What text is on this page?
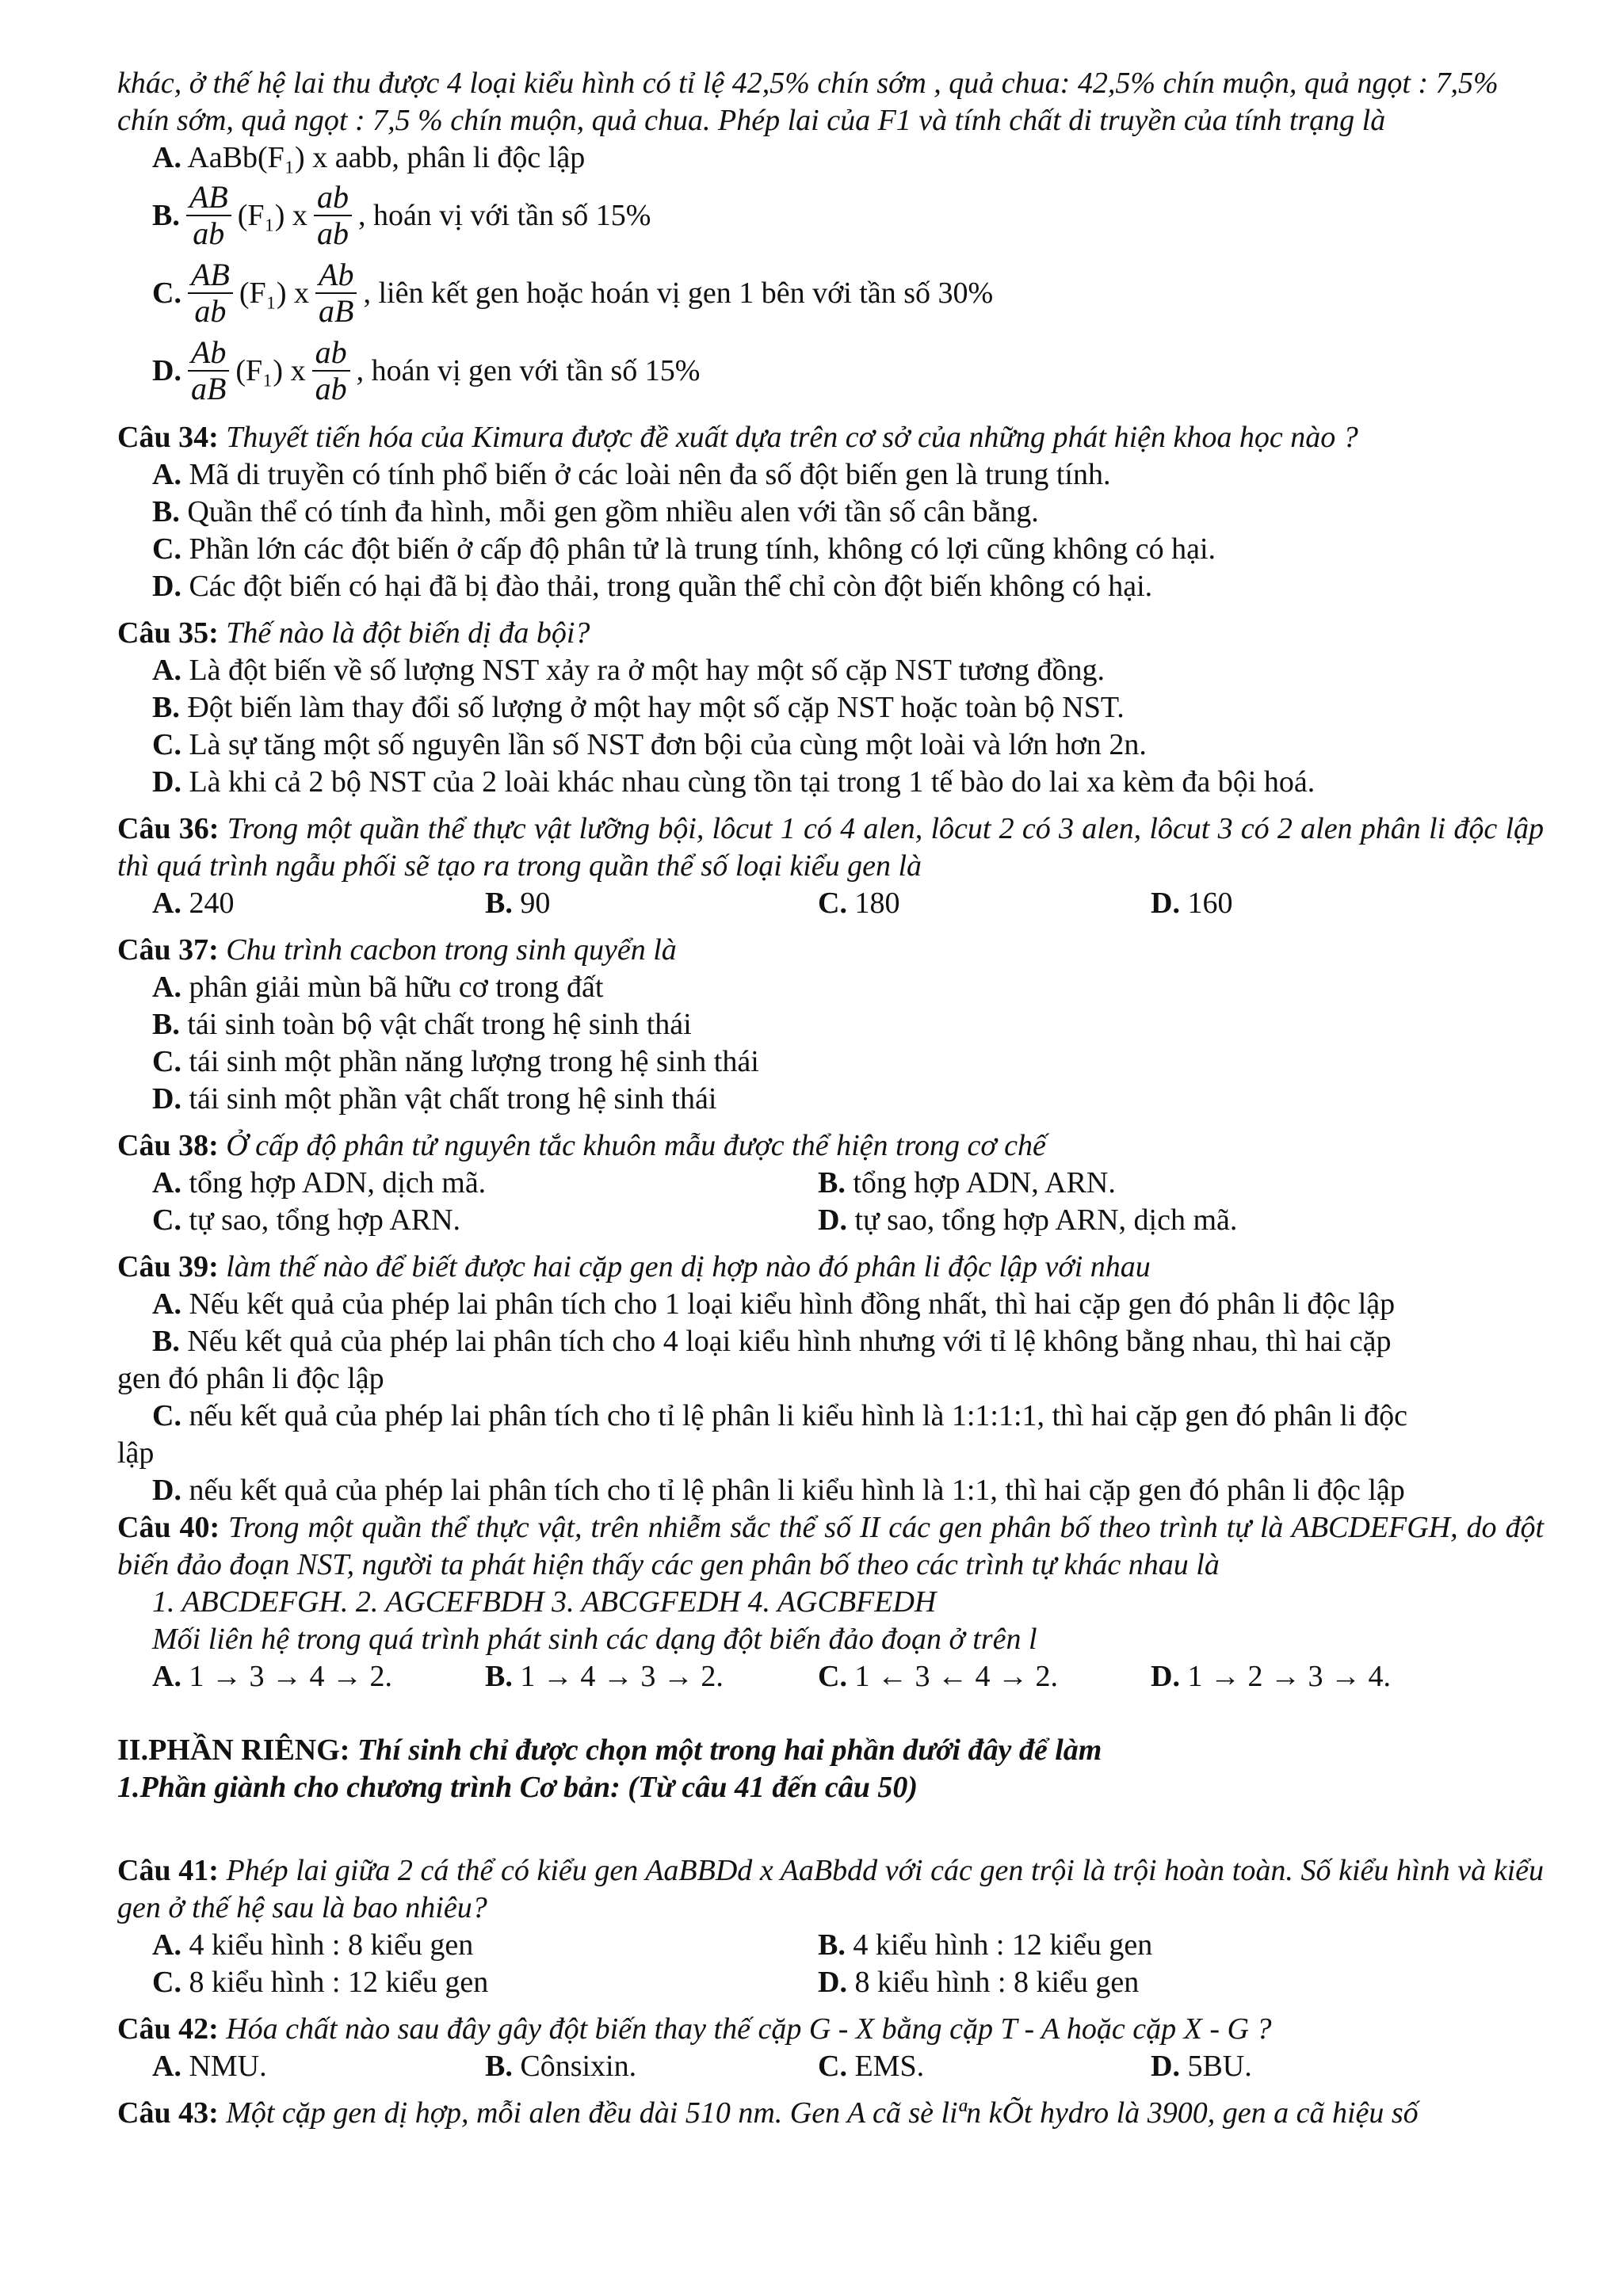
khác, ở thế hệ lai thu được 4 loại kiểu hình có tỉ lệ 42,5% chín sớm , quả chua: 42,5% chín muộn, quả ngọt : 7,5% chín sớm, quả ngọt : 7,5 % chín muộn, quả chua. Phép lai của F1 và tính chất di truyền của tính trạng là

A. AaBb(F₁) x aabb, phân li độc lập
B. $\frac{AB}{ab} (F_1)$ x $\frac{ab}{ab}$ , hoán vị với tần số 15%
C. $\frac{AB}{ab} (F_1)$ x $\frac{Ab}{aB}$ , liên kết gen hoặc hoán vị gen 1 bên với tần số 30%
D. $\frac{Ab}{aB} (F_1)$ x $\frac{ab}{ab}$ , hoán vị gen với tần số 15%
Câu 34: Thuyết tiến hóa của Kimura được đề xuất dựa trên cơ sở của những phát hiện khoa học nào ?
A. Mã di truyền có tính phổ biến ở các loài nên đa số đột biến gen là trung tính.
B. Quần thể có tính đa hình, mỗi gen gồm nhiều alen với tần số cân bằng.
C. Phần lớn các đột biến ở cấp độ phân tử là trung tính, không có lợi cũng không có hại.
D. Các đột biến có hại đã bị đào thải, trong quần thể chỉ còn đột biến không có hại.
Câu 35: Thế nào là đột biến dị đa bội?
A. Là đột biến về số lượng NST xảy ra ở một hay một số cặp NST tương đồng.
B. Đột biến làm thay đổi số lượng ở một hay một số cặp NST hoặc toàn bộ NST.
C. Là sự tăng một số nguyên lần số NST đơn bội của cùng một loài và lớn hơn 2n.
D. Là khi cả 2 bộ NST của 2 loài khác nhau cùng tồn tại trong 1 tế bào do lai xa kèm đa bội hoá.
Câu 36: Trong một quần thể thực vật lưỡng bội, lôcut 1 có 4 alen, lôcut 2 có 3 alen, lôcut 3 có 2 alen phân li độc lập thì quá trình ngẫu phối sẽ tạo ra trong quần thể số loại kiểu gen là
A. 240	B. 90	C. 180	D. 160
Câu 37: Chu trình cacbon trong sinh quyển là
A. phân giải mùn bã hữu cơ trong đất
B. tái sinh toàn bộ vật chất trong hệ sinh thái
C. tái sinh một phần năng lượng trong hệ sinh thái
D. tái sinh một phần vật chất trong hệ sinh thái
Câu 38: Ở cấp độ phân tử nguyên tắc khuôn mẫu được thể hiện trong cơ chế
A. tổng hợp ADN, dịch mã.	B. tổng hợp ADN, ARN.
C. tự sao, tổng hợp ARN.	D. tự sao, tổng hợp ARN, dịch mã.
Câu 39: làm thế nào để biết được hai cặp gen dị hợp nào đó phân li độc lập với nhau
A. Nếu kết quả của phép lai phân tích cho 1 loại kiểu hình đồng nhất, thì hai cặp gen đó phân li độc lập
B. Nếu kết quả của phép lai phân tích cho 4 loại kiểu hình nhưng với tỉ lệ không bằng nhau, thì hai cặp
gen đó phân li độc lập
C. nếu kết quả của phép lai phân tích cho tỉ lệ phân li kiểu hình là 1:1:1:1, thì hai cặp gen đó phân li độc
lập
D. nếu kết quả của phép lai phân tích cho tỉ lệ phân li kiểu hình là 1:1, thì hai cặp gen đó phân li độc lập
Câu 40: Trong một quần thể thực vật, trên nhiễm sắc thể số II các gen phân bố theo trình tự là ABCDEFGH, do đột biến đảo đoạn NST, người ta phát hiện thấy các gen phân bố theo các trình tự khác nhau là
1. ABCDEFGH. 2. AGCEFBDH 3. ABCGFEDH 4. AGCBFEDH
Mối liên hệ trong quá trình phát sinh các dạng đột biến đảo đoạn ở trên l
A. 1 → 3 → 4 → 2.	B. 1 → 4 → 3 → 2.	C. 1 ← 3 ← 4 → 2.	D. 1 → 2 → 3 → 4.
II.PHẦN RIÊNG: Thí sinh chỉ được chọn một trong hai phần dưới đây để làm
1.Phần giành cho chương trình Cơ bản: (Từ câu 41 đến câu 50)
Câu 41: Phép lai giữa 2 cá thể có kiểu gen AaBBDd x AaBbdd với các gen trội là trội hoàn toàn. Số kiểu hình và kiểu gen ở thế hệ sau là bao nhiêu?
A. 4 kiểu hình : 8 kiểu gen	B. 4 kiểu hình : 12 kiểu gen
C. 8 kiểu hình : 12 kiểu gen	D. 8 kiểu hình : 8 kiểu gen
Câu 42: Hóa chất nào sau đây gây đột biến thay thế cặp G - X bằng cặp T - A hoặc cặp X - G ?
A. NMU.	B. Cônsixin.	C. EMS.	D. 5BU.
Câu 43: Một cặp gen dị hợp, mỗi alen đều dài 510 nm. Gen A cã sè liªn kÕt hydro là 3900, gen a cã hiệu số
